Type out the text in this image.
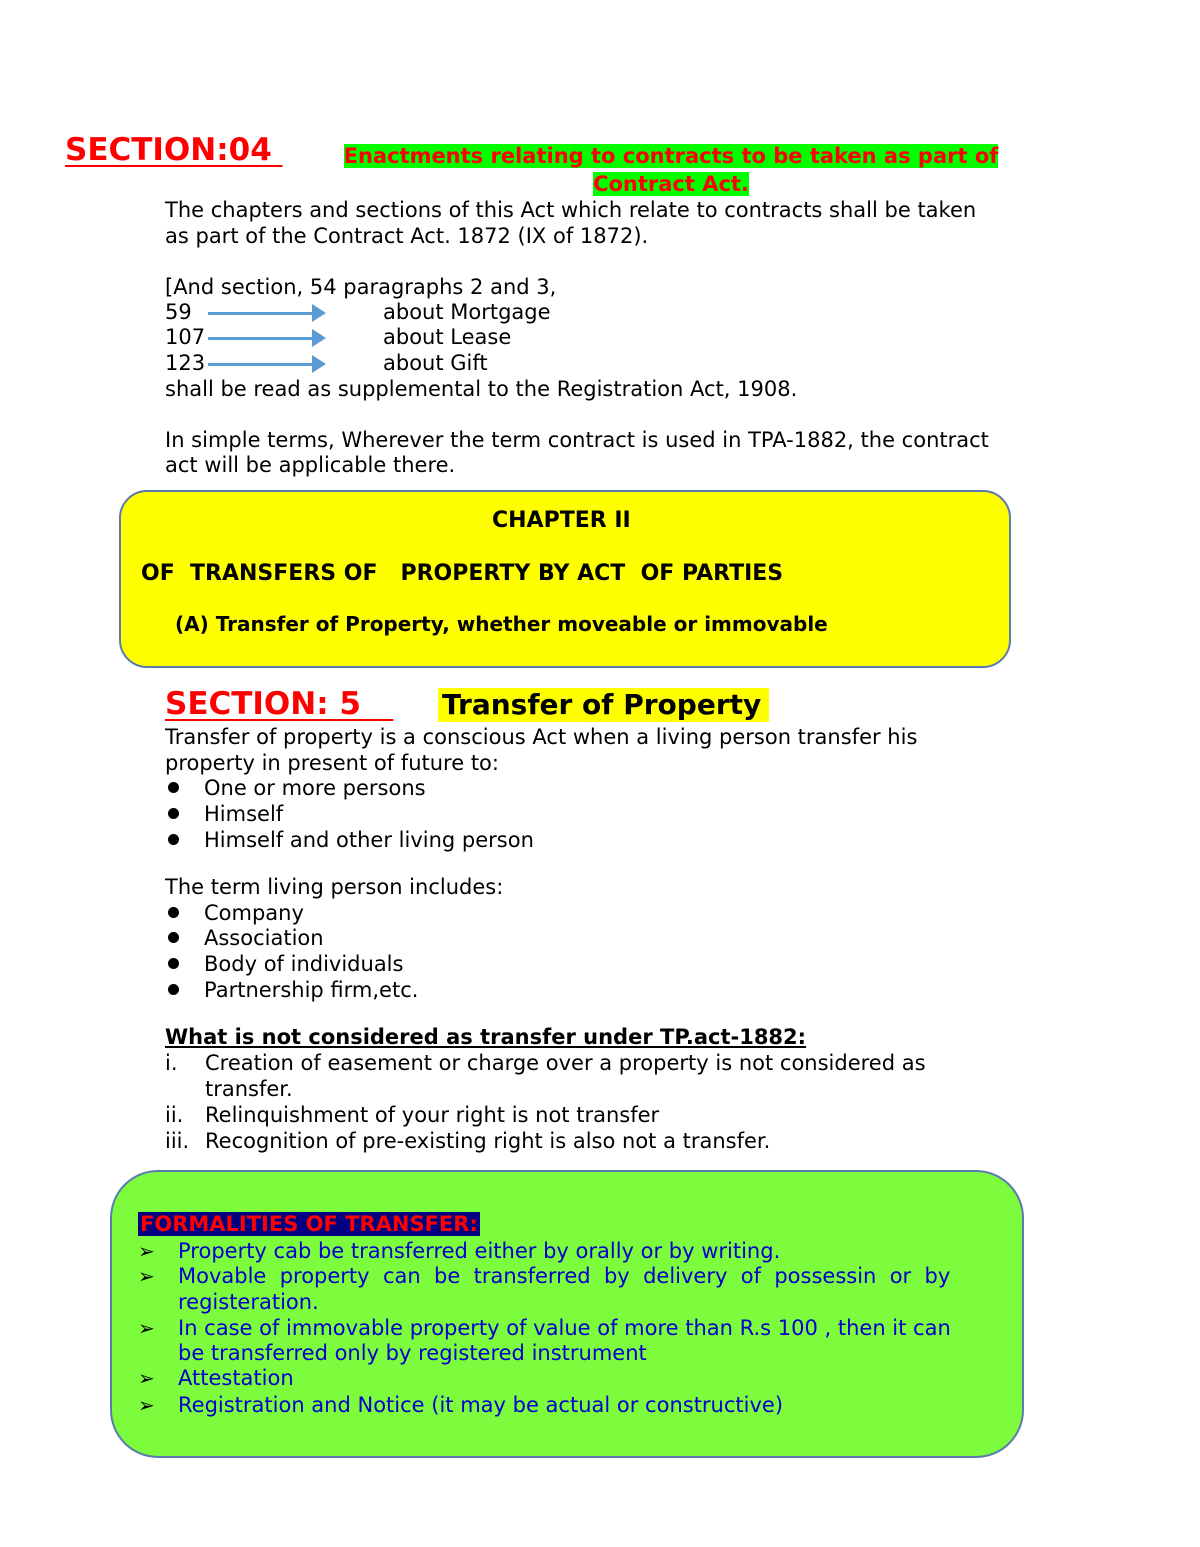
SECTION:04	Enactments relating to contracts to be taken as part of
Contract Act.
The chapters and sections of this Act which relate to contracts shall be taken
as part of the Contract Act. 1872 (IX of 1872).
[And section, 54 paragraphs 2 and 3,
59	about Mortgage
107	about Lease
123	about Gift
shall be read as supplemental to the Registration Act, 1908.
In simple terms, Wherever the term contract is used in TPA-1882, the contract
act will be applicable there.
CHAPTER II
OF  TRANSFERS OF   PROPERTY BY ACT  OF PARTIES
(A) Transfer of Property, whether moveable or immovable
SECTION: 5 Transfer of Property
Transfer of property is a conscious Act when a living person transfer his
property in present of future to:
One or more persons
Himself
Himself and other living person
The term living person includes:
Company
Association
Body of individuals
Partnership firm,etc.
What is not considered as transfer under TP.act-1882:
i. Creation of easement or charge over a property is not considered as
transfer.
ii. Relinquishment of your right is not transfer
iii. Recognition of pre-existing right is also not a transfer.
FORMALITIES OF TRANSFER:
➢ Property cab be transferred either by orally or by writing.
➢ Movable  property  can  be  transferred  by  delivery  of  possessin  or  by
registeration.
➢ In case of immovable property of value of more than R.s 100 , then it can
be transferred only by registered instrument
➢ Attestation
➢ Registration and Notice (it may be actual or constructive)
